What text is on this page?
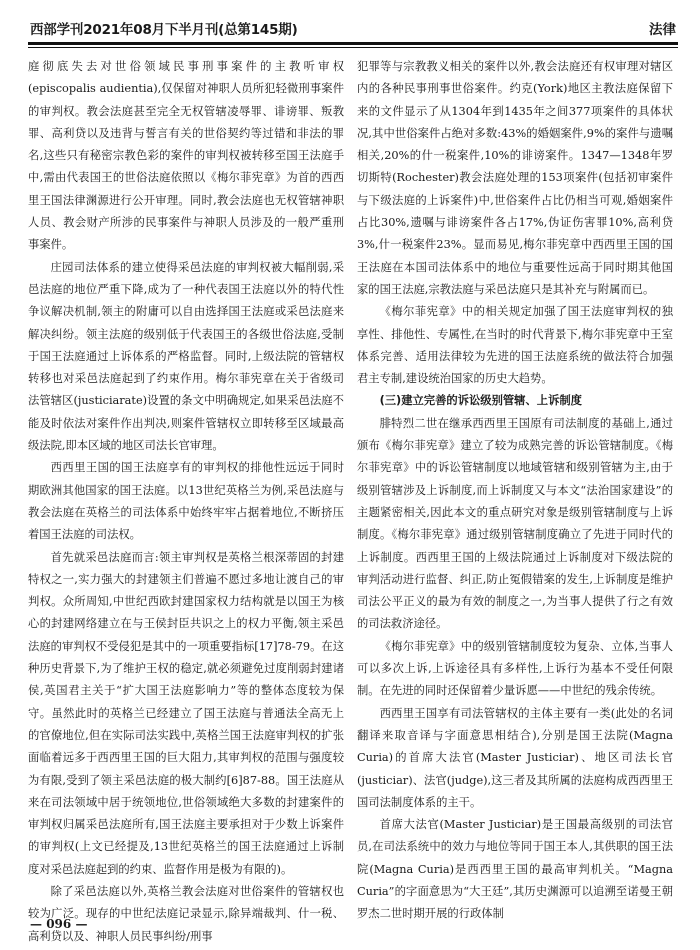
西部学刊2021年08月下半月刊(总第145期)	法律

庭彻底失去对世俗领域民事刑事案件的主教听审权(episcopalis audientia),仅保留对神职人员所犯轻微刑事案件的审判权。教会法庭甚至完全无权管辖凌辱罪、诽谤罪、叛教罪、高利贷以及违背与誓言有关的世俗契约等过错和非法的罪名,这些只有秘密宗教色彩的案件的审判权被转移至国王法庭手中,需由代表国王的世俗法庭依照以《梅尔菲宪章》为首的西西里王国法律渊源进行公开审理。同时,教会法庭也无权管辖神职人员、教会财产所涉的民事案件与神职人员涉及的一般严重刑事案件。

庄园司法体系的建立使得采邑法庭的审判权被大幅削弱,采邑法庭的地位严重下降,成为了一种代表国王法庭以外的特代性争议解决机制,领主的附庸可以自由选择国王法庭或采邑法庭来解决纠纷。领主法庭的级别低于代表国王的各级世俗法庭,受制于国王法庭通过上诉体系的严格监督。同时,上级法院的管辖权转移也对采邑法庭起到了约束作用。梅尔菲宪章在关于省级司法管辖区(justiciarate)设置的条文中明确规定,如果采邑法庭不能及时依法对案件作出判决,则案件管辖权立即转移至区域最高级法院,即本区域的地区司法长官审理。

西西里王国的国王法庭享有的审判权的排他性远远于同时期欧洲其他国家的国王法庭。以13世纪英格兰为例,采邑法庭与教会法庭在英格兰的司法体系中始终牢牢占据着地位,不断挤压着国王法庭的司法权。

首先就采邑法庭而言:领主审判权是英格兰根深蒂固的封建特权之一,实力强大的封建领主们普遍不愿过多地让渡自己的审判权。众所周知,中世纪西欧封建国家权力结构就是以国王为核心的封建网络建立在与王侯封臣共识之上的权力平衡,领主采邑法庭的审判权不受侵犯是其中的一项重要指标[17]78-79。在这种历史背景下,为了维护王权的稳定,就必须避免过度削弱封建诸侯,英国君主关于“扩大国王法庭影响力”等的整体态度较为保守。虽然此时的英格兰已经建立了国王法庭与普通法全高无上的官僚地位,但在实际司法实践中,英格兰国王法庭审判权的扩张面临着远多于西西里王国的巨大阻力,其审判权的范围与强度较为有限,受到了领主采邑法庭的极大制约[6]87-88。国王法庭从来在司法领域中居于统领地位,世俗领域绝大多数的封建案件的审判权归属采邑法庭所有,国王法庭主要承担对于少数上诉案件的审判权(上文已经提及,13世纪英格兰的国王法庭通过上诉制度对采邑法庭起到的约束、监督作用是极为有限的)。

除了采邑法庭以外,英格兰教会法庭对世俗案件的管辖权也较为广泛。现存的中世纪法庭记录显示,除异端裁判、什一税、高利贷以及、神职人员民事纠纷/刑事

犯罪等与宗教教义相关的案件以外,教会法庭还有权审理对辖区内的各种民事刑事世俗案件。约克(York)地区主教法庭保留下来的文件显示了从1304年到1435年之间377项案件的具体状况,其中世俗案件占绝对多数:43%的婚姻案件,9%的案件与遗嘱相关,20%的什一税案件,10%的诽谤案件。1347—1348年罗切斯特(Rochester)教会法庭处理的153项案件(包括初审案件与下级法庭的上诉案件)中,世俗案件占比仍相当可观,婚姻案件占比30%,遗嘱与诽谤案件各占17%,伪证伤害罪10%,高利贷3%,什一税案件23%。显而易见,梅尔菲宪章中西西里王国的国王法庭在本国司法体系中的地位与重要性远高于同时期其他国家的国王法庭,宗教法庭与采邑法庭只是其补充与附属而已。

《梅尔菲宪章》中的相关规定加强了国王法庭审判权的独享性、排他性、专属性,在当时的时代背景下,梅尔菲宪章中王室体系完善、适用法律较为先进的国王法庭系统的做法符合加强君主专制,建设统治国家的历史大趋势。

(三)建立完善的诉讼级别管辖、上诉制度

腓特烈二世在继承西西里王国原有司法制度的基础上,通过颁布《梅尔菲宪章》建立了较为成熟完善的诉讼管辖制度。《梅尔菲宪章》中的诉讼管辖制度以地域管辖和级别管辖为主,由于级别管辖涉及上诉制度,而上诉制度又与本文“法治国家建设”的主题紧密相关,因此本文的重点研究对象是级别管辖制度与上诉制度。《梅尔菲宪章》通过级别管辖制度确立了先进于同时代的上诉制度。西西里王国的上级法院通过上诉制度对下级法院的审判活动进行监督、纠正,防止冤假错案的发生,上诉制度是维护司法公平正义的最为有效的制度之一,为当事人提供了行之有效的司法救济途径。

《梅尔菲宪章》中的级别管辖制度较为复杂、立体,当事人可以多次上诉,上诉途径具有多样性,上诉行为基本不受任何限制。在先进的同时还保留着少量诉愿——中世纪的残余传统。

西西里王国享有司法管辖权的主体主要有一类(此处的名词翻译来取音译与字面意思相结合),分别是国王法院(Magna Curia)的首席大法官(Master Justiciar)、地区司法长官(justiciar)、法官(judge),这三者及其所属的法庭构成西西里王国司法制度体系的主干。

首席大法官(Master Justiciar)是王国最高级别的司法官员,在司法系统中的效力与地位等同于国王本人,其供职的国王法院(Magna Curia)是西西里王国的最高审判机关。“Magna Curia”的字面意思为“大王廷”,其历史渊源可以追溯至诺曼王朝罗杰二世时期开展的行政体制

— 096 —
